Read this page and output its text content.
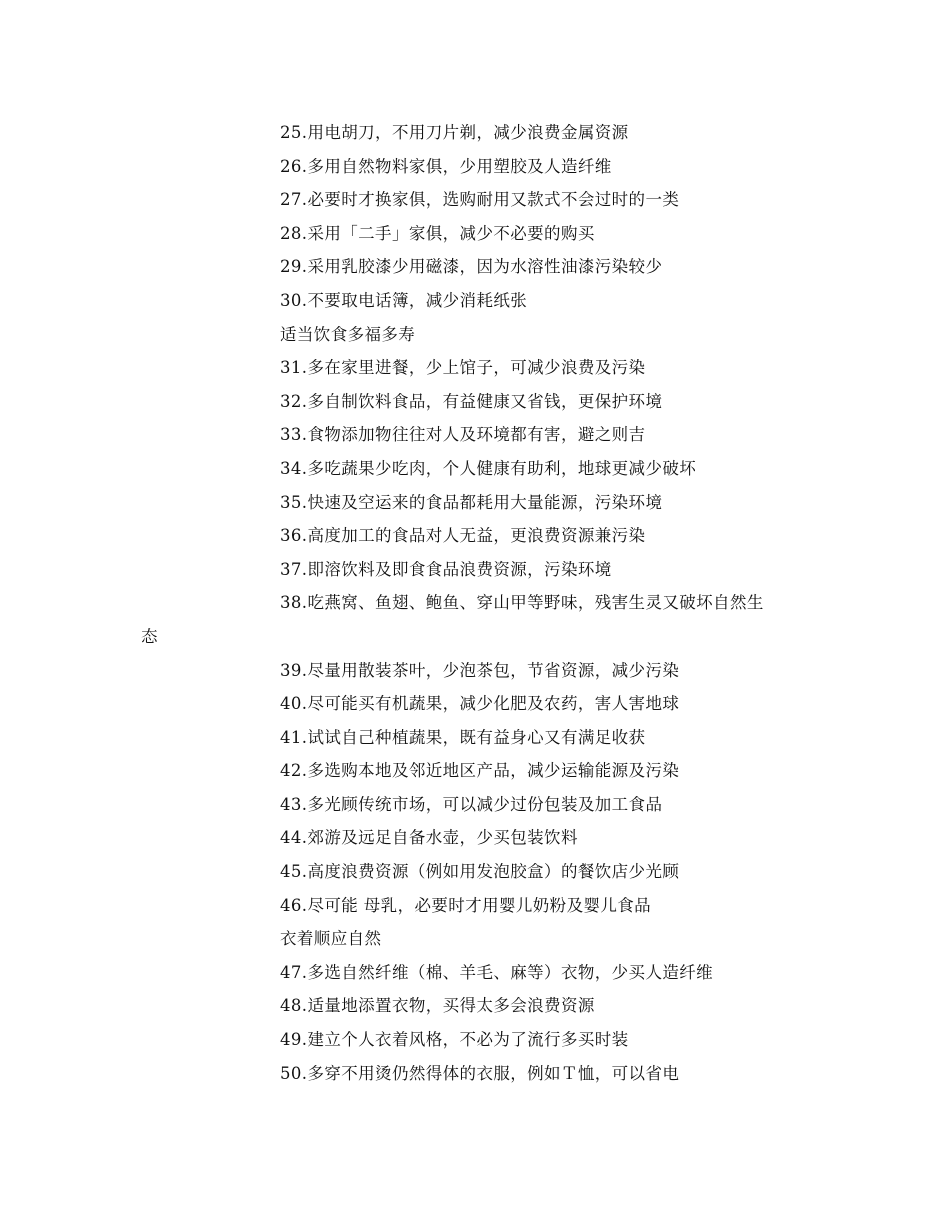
25.用电胡刀，不用刀片剃，减少浪费金属资源
26.多用自然物料家俱，少用塑胶及人造纤维
27.必要时才换家俱，选购耐用又款式不会过时的一类
28.采用「二手」家俱，减少不必要的购买
29.采用乳胶漆少用磁漆，因为水溶性油漆污染较少
30.不要取电话簿，减少消耗纸张
适当饮食多福多寿
31.多在家里进餐，少上馆子，可减少浪费及污染
32.多自制饮料食品，有益健康又省钱，更保护环境
33.食物添加物往往对人及环境都有害，避之则吉
34.多吃蔬果少吃肉，个人健康有助利，地球更减少破坏
35.快速及空运来的食品都耗用大量能源，污染环境
36.高度加工的食品对人无益，更浪费资源兼污染
37.即溶饮料及即食食品浪费资源，污染环境
38.吃燕窝、鱼翅、鲍鱼、穿山甲等野味，残害生灵又破坏自然生
态
39.尽量用散装茶叶，少泡茶包，节省资源，减少污染
40.尽可能买有机蔬果，减少化肥及农药，害人害地球
41.试试自己种植蔬果，既有益身心又有满足收获
42.多选购本地及邻近地区产品，减少运输能源及污染
43.多光顾传统市场，可以减少过份包装及加工食品
44.郊游及远足自备水壶，少买包装饮料
45.高度浪费资源（例如用发泡胶盒）的餐饮店少光顾
46.尽可能 母乳，必要时才用婴儿奶粉及婴儿食品
衣着顺应自然
47.多选自然纤维（棉、羊毛、麻等）衣物，少买人造纤维
48.适量地添置衣物，买得太多会浪费资源
49.建立个人衣着风格，不必为了流行多买时装
50.多穿不用烫仍然得体的衣服，例如Ｔ恤，可以省电
